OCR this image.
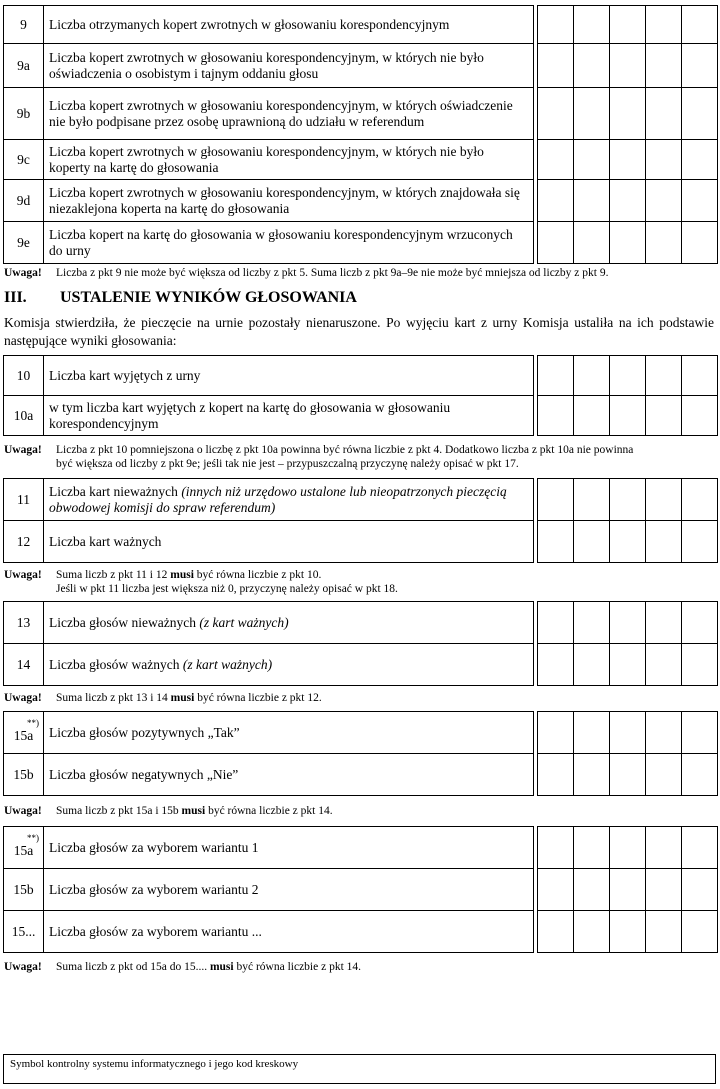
9	Liczba otrzymanych kopert zwrotnych w głosowaniu korespondencyjnym						
9a	Liczba kopert zwrotnych w głosowaniu korespondencyjnym, w których nie było oświadczenia o osobistym i tajnym oddaniu głosu						
9b	Liczba kopert zwrotnych w głosowaniu korespondencyjnym, w których oświadczenie nie było podpisane przez osobę uprawnioną do udziału w referendum						
9c	Liczba kopert zwrotnych w głosowaniu korespondencyjnym, w których nie było koperty na kartę do głosowania						
9d	Liczba kopert zwrotnych w głosowaniu korespondencyjnym, w których znajdowała się niezaklejona koperta na kartę do głosowania						
9e	Liczba kopert na kartę do głosowania w głosowaniu korespondencyjnym wrzuconych do urny						
Uwaga! Liczba z pkt 9 nie może być większa od liczby z pkt 5. Suma liczb z pkt 9a–9e nie może być mniejsza od liczby z pkt 9.
III. USTALENIE WYNIKÓW GŁOSOWANIA
Komisja stwierdziła, że pieczęcie na urnie pozostały nienaruszone. Po wyjęciu kart z urny Komisja ustaliła na ich podstawie następujące wyniki głosowania:
10	Liczba kart wyjętych z urny						
10a	w tym liczba kart wyjętych z kopert na kartę do głosowania w głosowaniu korespondencyjnym						
Uwaga! Liczba z pkt 10 pomniejszona o liczbę z pkt 10a powinna być równa liczbie z pkt 4. Dodatkowo liczba z pkt 10a nie powinna
być większa od liczby z pkt 9e; jeśli tak nie jest – przypuszczalną przyczynę należy opisać w pkt 17.
11	Liczba kart nieważnych (innych niż urzędowo ustalone lub nieopatrzonych pieczęcią obwodowej komisji do spraw referendum)						
12	Liczba kart ważnych						
Uwaga! Suma liczb z pkt 11 i 12 musi być równa liczbie z pkt 10.
Jeśli w pkt 11 liczba jest większa niż 0, przyczynę należy opisać w pkt 18.
13	Liczba głosów nieważnych (z kart ważnych)						
14	Liczba głosów ważnych (z kart ważnych)						
Uwaga! Suma liczb z pkt 13 i 14 musi być równa liczbie z pkt 12.
**)
15a	Liczba głosów pozytywnych „Tak”						
15b	Liczba głosów negatywnych „Nie”						
Uwaga! Suma liczb z pkt 15a i 15b musi być równa liczbie z pkt 14.
**)
15a	Liczba głosów za wyborem wariantu 1						
15b	Liczba głosów za wyborem wariantu 2						
15...	Liczba głosów za wyborem wariantu ...						
Uwaga! Suma liczb z pkt od 15a do 15.... musi być równa liczbie z pkt 14.
Symbol kontrolny systemu informatycznego i jego kod kreskowy
